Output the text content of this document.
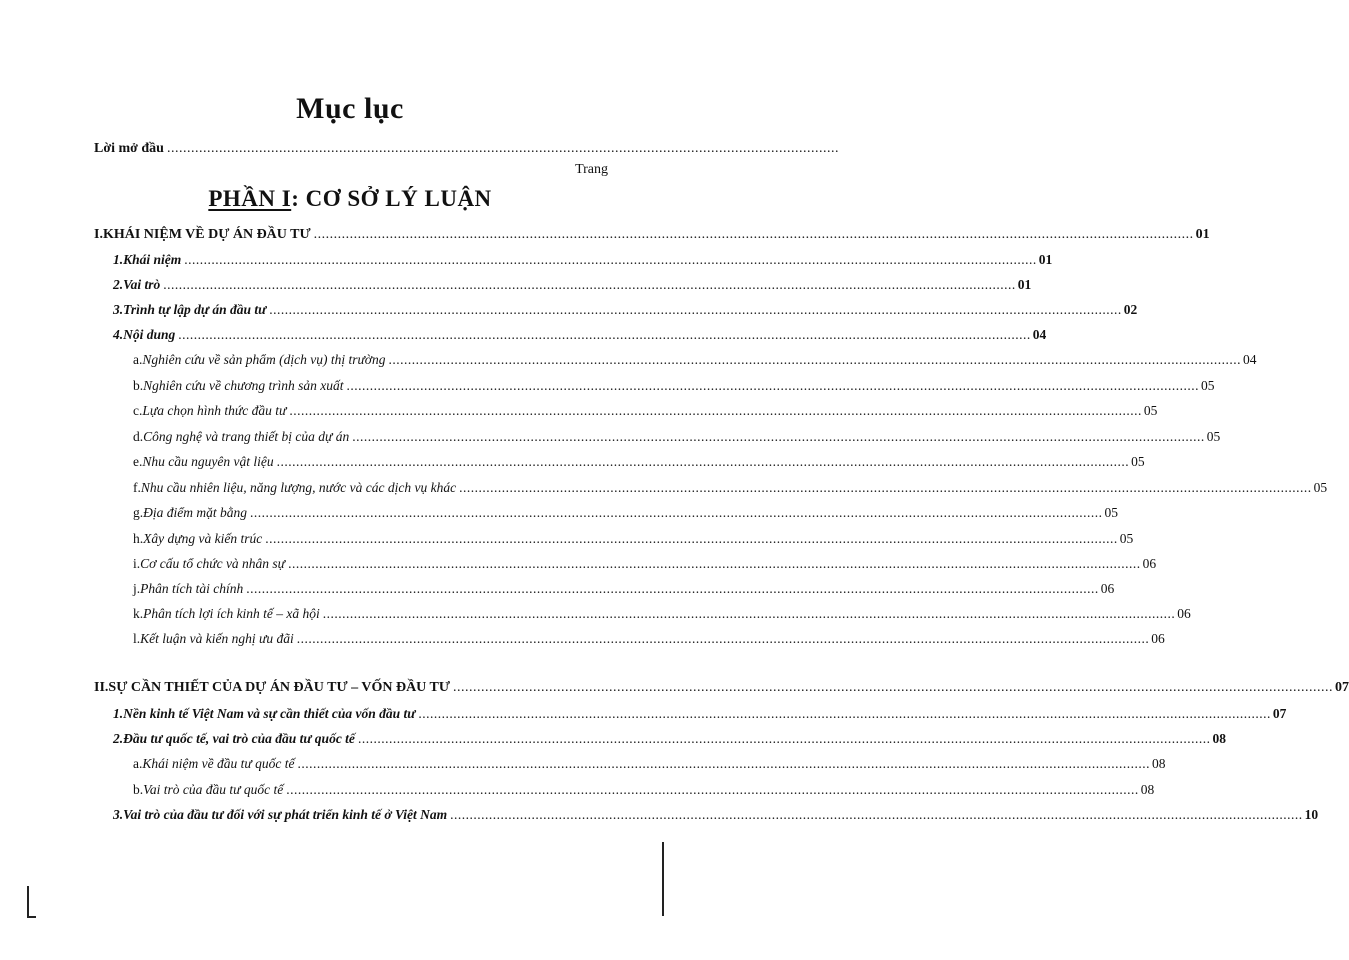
Mục lục
Lời mở đầu ........................................................................................................................................................................
Trang
PHẦN I: CƠ SỞ LÝ LUẬN
I. KHÁI NIỆM VỀ DỰ ÁN ĐẦU TƯ ............................................................................................................................................................................................................................ 01
1. Khái niệm ............................................................................................................................................................................................................................ 01
2. Vai trò ............................................................................................................................................................................................................................ 01
3. Trình tự lập dự án đầu tư ............................................................................................................................................................................................................................ 02
4. Nội dung ............................................................................................................................................................................................................................ 04
a. Nghiên cứu về sản phẩm (dịch vụ) thị trường ............................................................................................................................................................................................................................ 04
b. Nghiên cứu về chương trình sản xuất ............................................................................................................................................................................................................................ 05
c. Lựa chọn hình thức đầu tư ............................................................................................................................................................................................................................ 05
d. Công nghệ và trang thiết bị của dự án ............................................................................................................................................................................................................................ 05
e. Nhu cầu nguyên vật liệu ............................................................................................................................................................................................................................ 05
f. Nhu cầu nhiên liệu, năng lượng, nước và các dịch vụ khác ............................................................................................................................................................................................................................ 05
g. Địa điểm mặt bằng ............................................................................................................................................................................................................................ 05
h. Xây dựng và kiến trúc ............................................................................................................................................................................................................................ 05
i. Cơ cấu tổ chức và nhân sự ............................................................................................................................................................................................................................ 06
j. Phân tích tài chính ............................................................................................................................................................................................................................ 06
k. Phân tích lợi ích kinh tế – xã hội ............................................................................................................................................................................................................................ 06
l. Kết luận và kiến nghị ưu đãi ............................................................................................................................................................................................................................ 06
II. SỰ CẦN THIẾT CỦA DỰ ÁN ĐẦU TƯ – VỐN ĐẦU TƯ ............................................................................................................................................................................................................................ 07
1. Nền kinh tế Việt Nam và sự cần thiết của vốn đầu tư ............................................................................................................................................................................................................................ 07
2. Đầu tư quốc tế, vai trò của đầu tư quốc tế ............................................................................................................................................................................................................................ 08
a. Khái niệm về đầu tư quốc tế ............................................................................................................................................................................................................................ 08
b. Vai trò của đầu tư quốc tế ............................................................................................................................................................................................................................ 08
3. Vai trò của đầu tư đối với sự phát triển kinh tế ở Việt Nam ............................................................................................................................................................................................................................ 10
